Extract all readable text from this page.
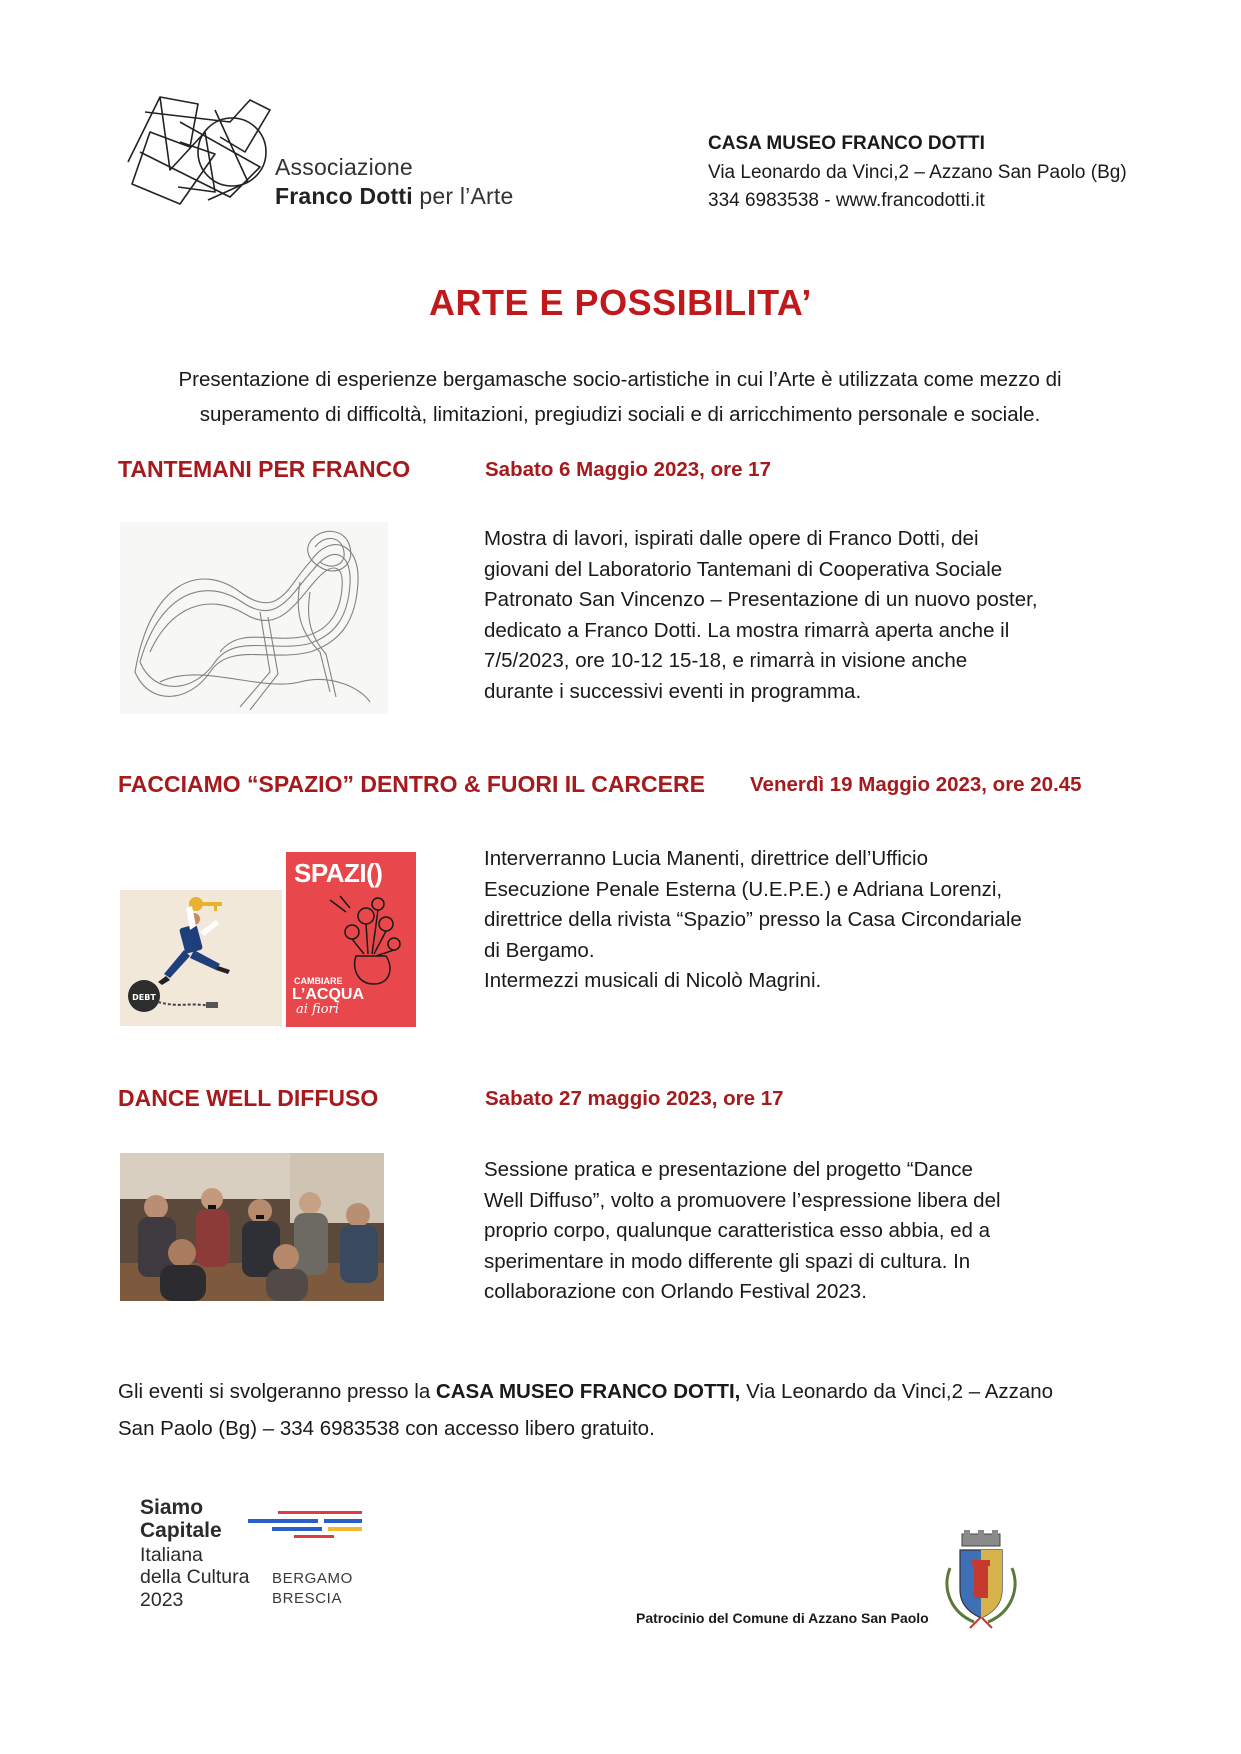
Associazione
Franco Dotti per l’Arte
CASA MUSEO FRANCO DOTTI
Via Leonardo da Vinci,2 – Azzano San Paolo (Bg)
334 6983538 - www.francodotti.it
ARTE E POSSIBILITA’
Presentazione di esperienze bergamasche socio-artistiche in cui l’Arte è utilizzata come mezzo di
superamento di difficoltà, limitazioni, pregiudizi sociali e di arricchimento personale e sociale.
TANTEMANI PER FRANCO	Sabato 6 Maggio 2023, ore 17
Mostra di lavori, ispirati dalle opere di Franco Dotti, dei
giovani del Laboratorio Tantemani di Cooperativa Sociale
Patronato San Vincenzo – Presentazione di un nuovo poster,
dedicato a Franco Dotti. La mostra rimarrà aperta anche il
7/5/2023, ore 10-12 15-18, e rimarrà in visione anche
durante i successivi eventi in programma.
FACCIAMO “SPAZIO” DENTRO & FUORI IL CARCERE Venerdì 19 Maggio 2023, ore 20.45
DEBT
SPAZI()
CAMBIARE
L’ACQUA
ai fiori
Interverranno Lucia Manenti, direttrice dell’Ufficio
Esecuzione Penale Esterna (U.E.P.E.) e Adriana Lorenzi,
direttrice della rivista “Spazio” presso la Casa Circondariale
di Bergamo.
Intermezzi musicali di Nicolò Magrini.
DANCE WELL DIFFUSO	Sabato 27 maggio 2023, ore 17
Sessione pratica e presentazione del progetto “Dance
Well Diffuso”, volto a promuovere l’espressione libera del
proprio corpo, qualunque caratteristica esso abbia, ed a
sperimentare in modo differente gli spazi di cultura. In
collaborazione con Orlando Festival 2023.
Gli eventi si svolgeranno presso la CASA MUSEO FRANCO DOTTI, Via Leonardo da Vinci,2 – Azzano
San Paolo (Bg) – 334 6983538 con accesso libero gratuito.
Siamo
Capitale
Italiana
della Cultura
2023
BERGAMO
BRESCIA
Patrocinio del Comune di Azzano San Paolo
